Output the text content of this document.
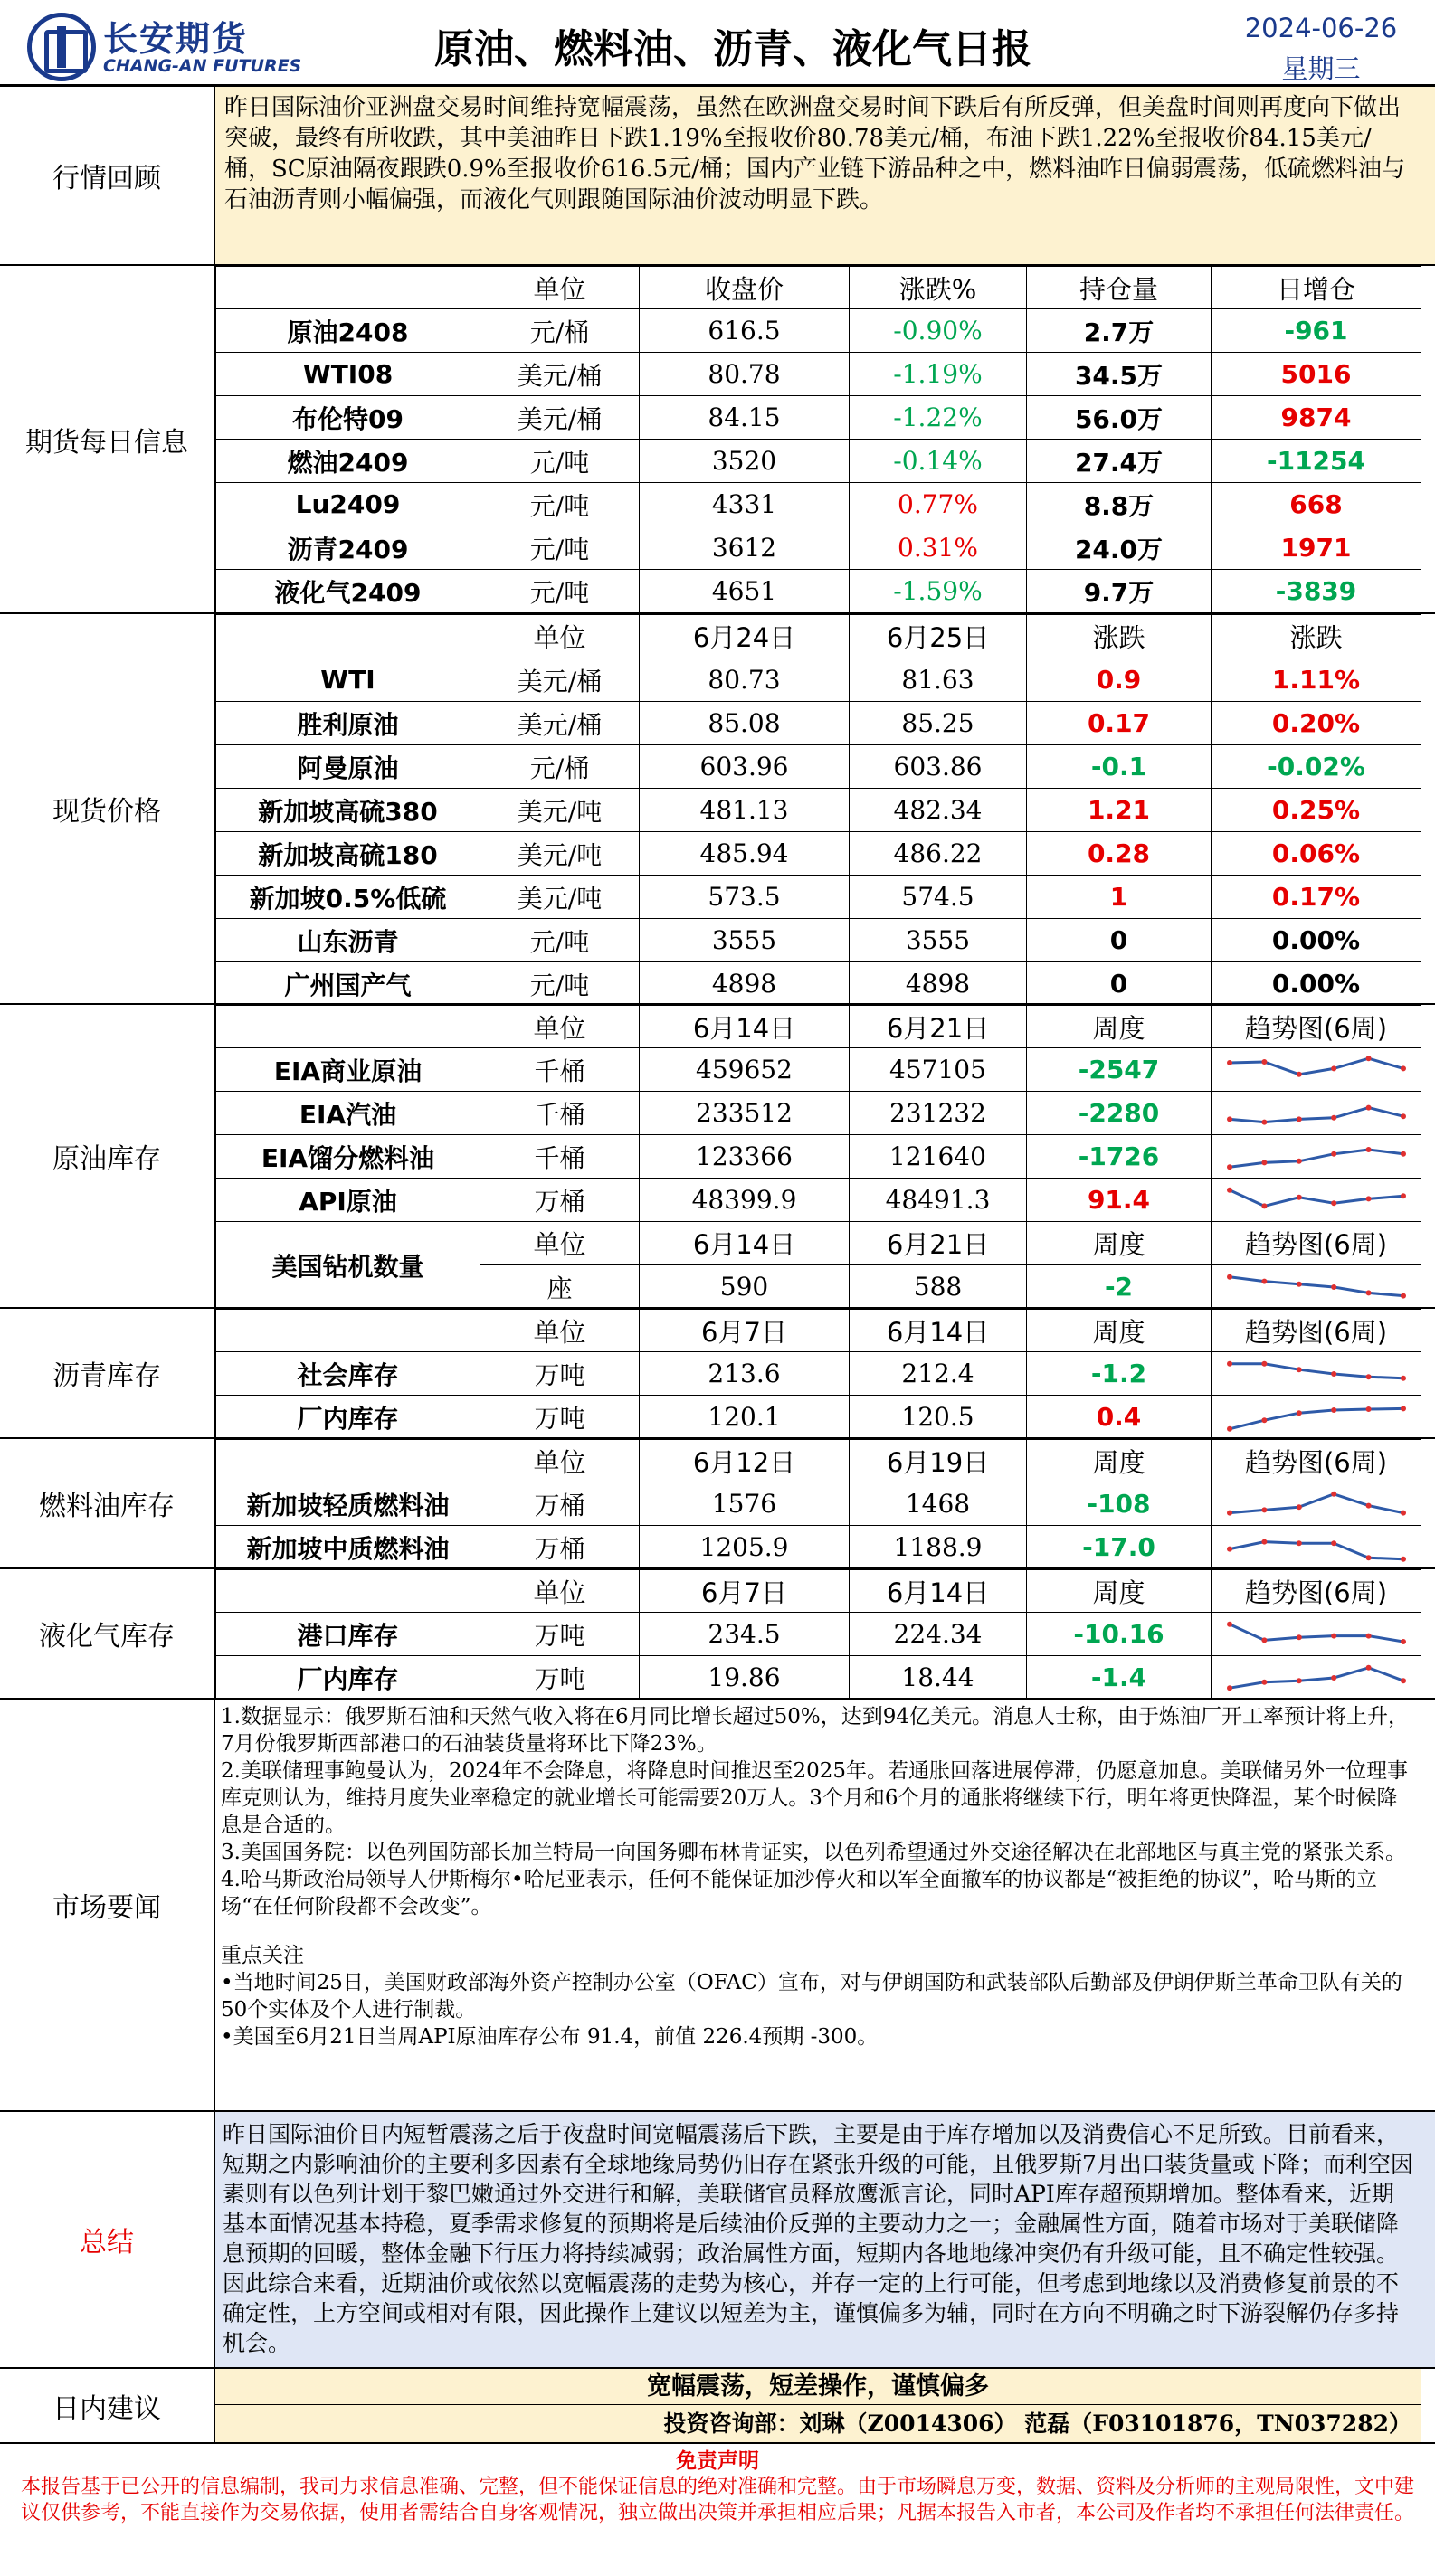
长安期货
CHANG-AN FUTURES	原油、燃料油、沥青、液化气日报	2024-06-26
星期三
行情回顾
昨日国际油价亚洲盘交易时间维持宽幅震荡，虽然在欧洲盘交易时间下跌后有所反弹，但美盘时间则再度向下做出突破，最终有所收跌，其中美油昨日下跌1.19%至报收价80.78美元/桶，布油下跌1.22%至报收价84.15美元/桶，SC原油隔夜跟跌0.9%至报收价616.5元/桶；国内产业链下游品种之中，燃料油昨日偏弱震荡，低硫燃料油与石油沥青则小幅偏强，而液化气则跟随国际油价波动明显下跌。
期货每日信息
	单位	收盘价	涨跌%	持仓量	日增仓
原油2408	元/桶	616.5	-0.90%	2.7万	-961
WTI08	美元/桶	80.78	-1.19%	34.5万	5016
布伦特09	美元/桶	84.15	-1.22%	56.0万	9874
燃油2409	元/吨	3520	-0.14%	27.4万	-11254
Lu2409	元/吨	4331	0.77%	8.8万	668
沥青2409	元/吨	3612	0.31%	24.0万	1971
液化气2409	元/吨	4651	-1.59%	9.7万	-3839
现货价格
	单位	6月24日	6月25日	涨跌	涨跌
WTI	美元/桶	80.73	81.63	0.9	1.11%
胜利原油	美元/桶	85.08	85.25	0.17	0.20%
阿曼原油	元/桶	603.96	603.86	-0.1	-0.02%
新加坡高硫380	美元/吨	481.13	482.34	1.21	0.25%
新加坡高硫180	美元/吨	485.94	486.22	0.28	0.06%
新加坡0.5%低硫	美元/吨	573.5	574.5	1	0.17%
山东沥青	元/吨	3555	3555	0	0.00%
广州国产气	元/吨	4898	4898	0	0.00%
原油库存
	单位	6月14日	6月21日	周度	趋势图(6周)
EIA商业原油	千桶	459652	457105	-2547	

EIA汽油	千桶	233512	231232	-2280	

EIA馏分燃料油	千桶	123366	121640	-1726	

API原油	万桶	48399.9	48491.3	91.4	

美国钻机数量	单位	6月14日	6月21日	周度	趋势图(6周)
	座	590	588	-2	
沥青库存
	单位	6月7日	6月14日	周度	趋势图(6周)
社会库存	万吨	213.6	212.4	-1.2	

厂内库存	万吨	120.1	120.5	0.4	
燃料油库存
	单位	6月12日	6月19日	周度	趋势图(6周)
新加坡轻质燃料油	万桶	1576	1468	-108	

新加坡中质燃料油	万桶	1205.9	1188.9	-17.0	
液化气库存
	单位	6月7日	6月14日	周度	趋势图(6周)
港口库存	万吨	234.5	224.34	-10.16	

厂内库存	万吨	19.86	18.44	-1.4	
市场要闻
1.数据显示：俄罗斯石油和天然气收入将在6月同比增长超过50%，达到94亿美元。消息人士称，由于炼油厂开工率预计将上升，7月份俄罗斯西部港口的石油装货量将环比下降23%。
2.美联储理事鲍曼认为，2024年不会降息，将降息时间推迟至2025年。若通胀回落进展停滞，仍愿意加息。美联储另外一位理事库克则认为，维持月度失业率稳定的就业增长可能需要20万人。3个月和6个月的通胀将继续下行，明年将更快降温，某个时候降息是合适的。
3.美国国务院：以色列国防部长加兰特局一向国务卿布林肯证实，以色列希望通过外交途径解决在北部地区与真主党的紧张关系。
4.哈马斯政治局领导人伊斯梅尔•哈尼亚表示，任何不能保证加沙停火和以军全面撤军的协议都是“被拒绝的协议”，哈马斯的立场“在任何阶段都不会改变”。
重点关注
•当地时间25日，美国财政部海外资产控制办公室（OFAC）宣布，对与伊朗国防和武装部队后勤部及伊朗伊斯兰革命卫队有关的50个实体及个人进行制裁。
•美国至6月21日当周API原油库存公布 91.4，前值 226.4预期 -300。
总结
昨日国际油价日内短暂震荡之后于夜盘时间宽幅震荡后下跌，主要是由于库存增加以及消费信心不足所致。目前看来，短期之内影响油价的主要利多因素有全球地缘局势仍旧存在紧张升级的可能，且俄罗斯7月出口装货量或下降；而利空因素则有以色列计划于黎巴嫩通过外交进行和解，美联储官员释放鹰派言论，同时API库存超预期增加。整体看来，近期基本面情况基本持稳，夏季需求修复的预期将是后续油价反弹的主要动力之一；金融属性方面，随着市场对于美联储降息预期的回暖，整体金融下行压力将持续减弱；政治属性方面，短期内各地地缘冲突仍有升级可能，且不确定性较强。因此综合来看，近期油价或依然以宽幅震荡的走势为核心，并存一定的上行可能，但考虑到地缘以及消费修复前景的不确定性，上方空间或相对有限，因此操作上建议以短差为主，谨慎偏多为辅，同时在方向不明确之时下游裂解仍存多持机会。
日内建议
宽幅震荡，短差操作，谨慎偏多
投资咨询部：刘琳（Z0014306） 范磊（F03101876，TN037282）
免责声明
本报告基于已公开的信息编制，我司力求信息准确、完整，但不能保证信息的绝对准确和完整。由于市场瞬息万变，数据、资料及分析师的主观局限性，文中建议仅供参考，不能直接作为交易依据，使用者需结合自身客观情况，独立做出决策并承担相应后果；凡据本报告入市者，本公司及作者均不承担任何法律责任。
